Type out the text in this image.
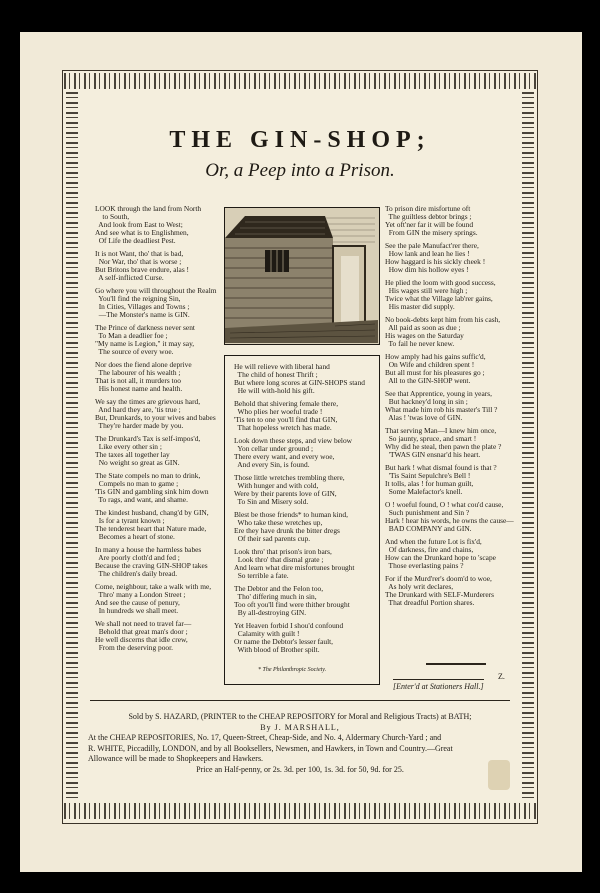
THE GIN-SHOP;
Or, a Peep into a Prison.

LOOK through the land from North
to South,
And look from East to West;
And see what is to Englishmen,
Of Life the deadliest Pest.

It is not Want, tho' that is bad,
Nor War, tho' that is worse ;
But Britons brave endure, alas !
A self-inflicted Curse.

Go where you will throughout the Realm
You'll find the reigning Sin,
In Cities, Villages and Towns ;
—The Monster's name is GIN.

The Prince of darkness never sent
To Man a deadlier foe ;
"My name is Legion," it may say,
The source of every woe.

Nor does the fiend alone deprive
The labourer of his wealth ;
That is not all, it murders too
His honest name and health.

We say the times are grievous hard,
And hard they are, 'tis true ;
But, Drunkards, to your wives and babes
They're harder made by you.

The Drunkard's Tax is self-impos'd,
Like every other sin ;
The taxes all together lay
No weight so great as GIN.

The State compels no man to drink,
Compels no man to game ;
'Tis GIN and gambling sink him down
To rags, and want, and shame.

The kindest husband, chang'd by GIN,
Is for a tyrant known ;
The tenderest heart that Nature made,
Becomes a heart of stone.

In many a house the harmless babes
Are poorly cloth'd and fed ;
Because the craving GIN-SHOP takes
The children's daily bread.

Come, neighbour, take a walk with me,
Thro' many a London Street ;
And see the cause of penury,
In hundreds we shall meet.

We shall not need to travel far—
Behold that great man's door ;
He well discerns that idle crew,
From the deserving poor.

He will relieve with liberal hand
The child of honest Thrift ;
But where long scores at GIN-SHOPS stand
He will with-hold his gift.

Behold that shivering female there,
Who plies her woeful trade !
'Tis ten to one you'll find that GIN,
That hopeless wretch has made.

Look down these steps, and view below
Yon cellar under ground ;
There every want, and every woe,
And every Sin, is found.

Those little wretches trembling there,
With hunger and with cold,
Were by their parents love of GIN,
To Sin and Misery sold.

Blest be those friends* to human kind,
Who take these wretches up,
Ere they have drunk the bitter dregs
Of their sad parents cup.

Look thro' that prison's iron bars,
Look thro' that dismal grate ;
And learn what dire misfortunes brought
So terrible a fate.

The Debtor and the Felon too,
Tho' differing much in sin,
Too oft you'll find were thither brought
By all-destroying GIN.

Yet Heaven forbid I shou'd confound
Calamity with guilt !
Or name the Debtor's lesser fault,
With blood of Brother spilt.

To prison dire misfortune oft
The guiltless debtor brings ;
Yet oft'ner far it will be found
From GIN the misery springs.

See the pale Manufact'rer there,
How lank and lean he lies !
How haggard is his sickly cheek !
How dim his hollow eyes !

He plied the loom with good success,
His wages still were high ;
Twice what the Village lab'rer gains,
His master did supply.

No book-debts kept him from his cash,
All paid as soon as due ;
His wages on the Saturday
To fail he never knew.

How amply had his gains suffic'd,
On Wife and children spent !
But all must for his pleasures go ;
All to the GIN-SHOP went.

See that Apprentice, young in years,
But hackney'd long in sin ;
What made him rob his master's Till ?
Alas ! 'twas love of GIN.

That serving Man—I knew him once,
So jaunty, spruce, and smart !
Why did he steal, then pawn the plate ?
'TWAS GIN ensnar'd his heart.

But hark ! what dismal found is that ?
'Tis Saint Sepulchre's Bell !
It tolls, alas ! for human guilt,
Some Malefactor's knell.

O ! woeful found, O ! what cou'd cause,
Such punishment and Sin ?
Hark ! hear his words, he owns the cause—
BAD COMPANY and GIN.

And when the future Lot is fix'd,
Of darkness, fire and chains,
How can the Drunkard hope to 'scape
Those everlasting pains ?

For if the Murd'rer's doom'd to woe,
As holy writ declares,
The Drunkard with SELF-Murderers
That dreadful Portion shares.

* The Philanthropic Society.
Z.
[Enter'd at Stationers Hall.]
Sold by S. HAZARD, (PRINTER to the CHEAP REPOSITORY for Moral and Religious Tracts) at BATH;
By J. MARSHALL,
At the CHEAP REPOSITORIES, No. 17, Queen-Street, Cheap-Side, and No. 4, Aldermary Church-Yard ; and
R. WHITE, Piccadilly, LONDON, and by all Booksellers, Newsmen, and Hawkers, in Town and Country.—Great
Allowance will be made to Shopkeepers and Hawkers.

Price an Half-penny, or 2s. 3d. per 100, 1s. 3d. for 50, 9d. for 25.
